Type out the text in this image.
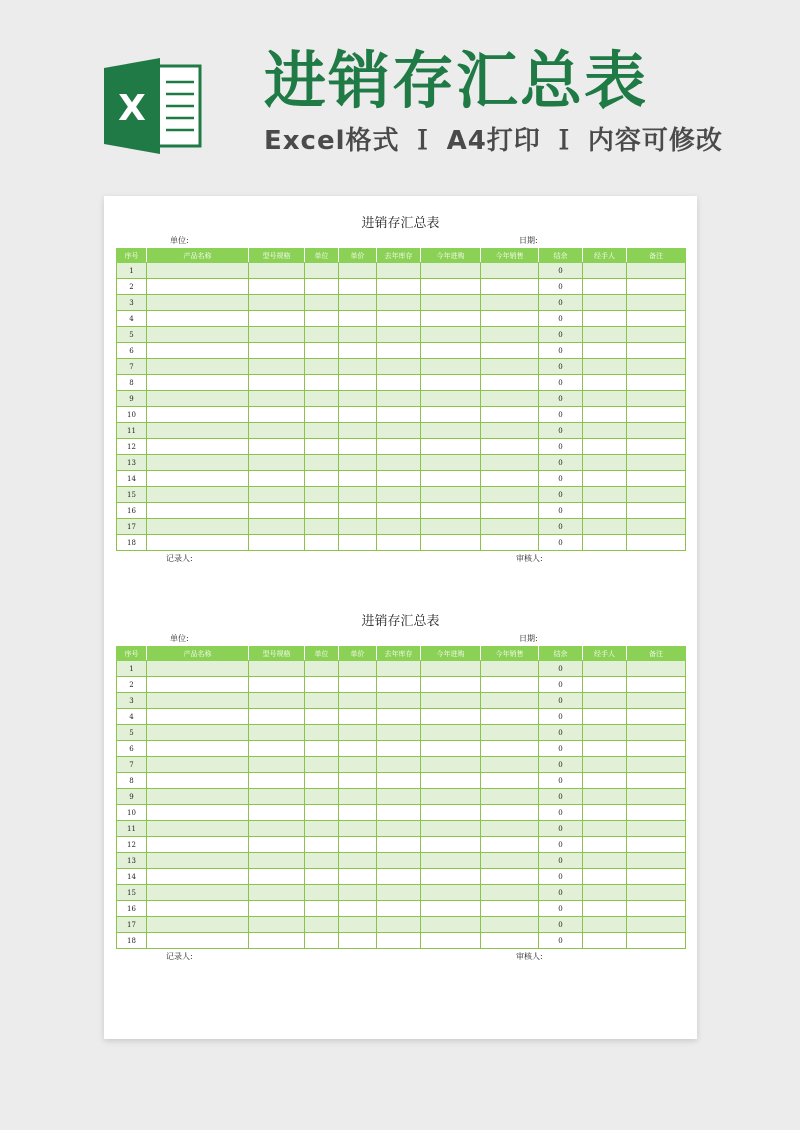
X 进销存汇总表
Excel格式 Ｉ A4打印 Ｉ 内容可修改
进销存汇总表
单位:	日期:
序号	产品名称	型号规格	单位	单价	去年库存	今年进购	今年销售	结余	经手人	备注
1								0		
2								0		
3								0		
4								0		
5								0		
6								0		
7								0		
8								0		
9								0		
10								0		
11								0		
12								0		
13								0		
14								0		
15								0		
16								0		
17								0		
18								0		
记录人:	审核人:
进销存汇总表
单位:	日期:
序号	产品名称	型号规格	单位	单价	去年库存	今年进购	今年销售	结余	经手人	备注
1								0		
2								0		
3								0		
4								0		
5								0		
6								0		
7								0		
8								0		
9								0		
10								0		
11								0		
12								0		
13								0		
14								0		
15								0		
16								0		
17								0		
18								0		
记录人:	审核人:
